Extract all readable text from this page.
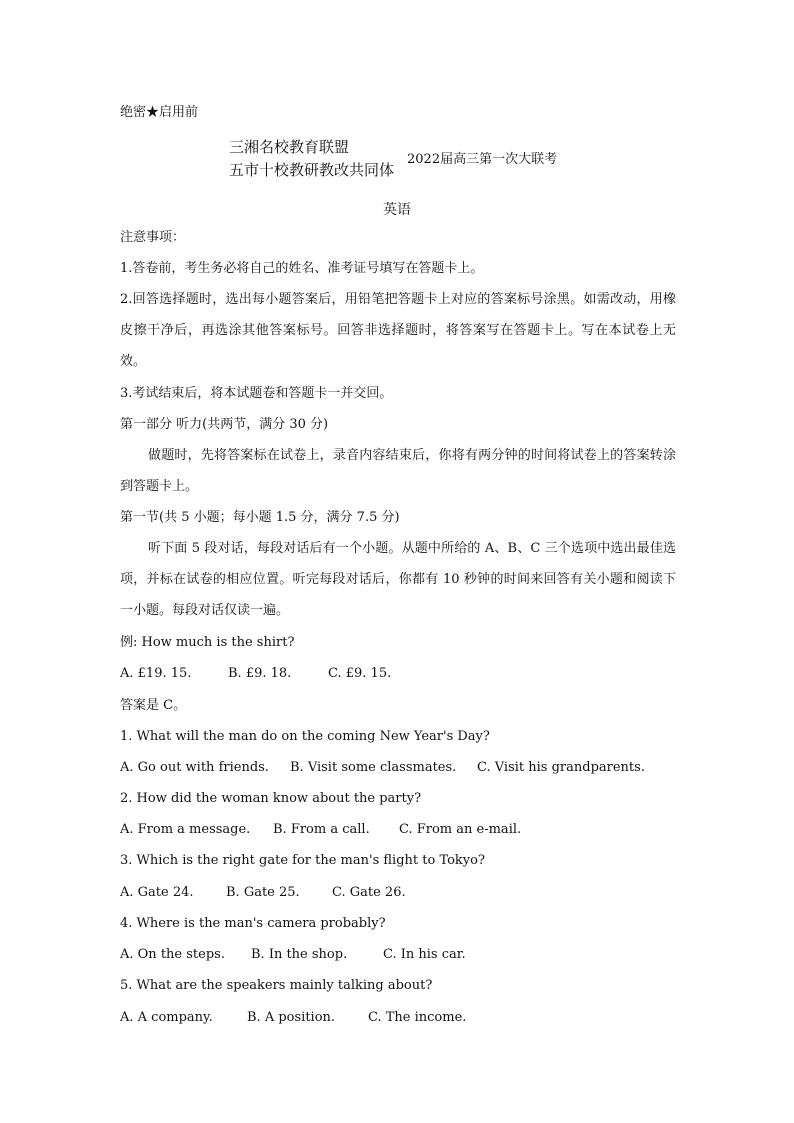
绝密★启用前
三湘名校教育联盟
五市十校教研教改共同体
2022届高三第一次大联考
英语
注意事项：
1.答卷前，考生务必将自己的姓名、准考证号填写在答题卡上。
2.回答选择题时，选出每小题答案后，用铅笔把答题卡上对应的答案标号涂黑。如需改动，用橡皮擦干净后，再选涂其他答案标号。回答非选择题时，将答案写在答题卡上。写在本试卷上无效。
3.考试结束后，将本试题卷和答题卡一并交回。
第一部分 听力(共两节，满分 30 分)
做题时，先将答案标在试卷上，录音内容结束后，你将有两分钟的时间将试卷上的答案转涂到答题卡上。
第一节(共 5 小题；每小题 1.5 分，满分 7.5 分)
听下面 5 段对话，每段对话后有一个小题。从题中所给的 A、B、C 三个选项中选出最佳选项，并标在试卷的相应位置。听完每段对话后，你都有 10 秒钟的时间来回答有关小题和阅读下一小题。每段对话仅读一遍。
例: How much is the shirt?
A. £19. 15.	B. £9. 18.	C. £9. 15.
答案是 C。
1. What will the man do on the coming New Year's Day?
A. Go out with friends. B. Visit some classmates. C. Visit his grandparents.
2. How did the woman know about the party?
A. From a message. B. From a call. C. From an e-mail.
3. Which is the right gate for the man's flight to Tokyo?
A. Gate 24. B. Gate 25. C. Gate 26.
4. Where is the man's camera probably?
A. On the steps. B. In the shop.	C. In his car.
5. What are the speakers mainly talking about?
A. A company.	B. A position.	C. The income.
